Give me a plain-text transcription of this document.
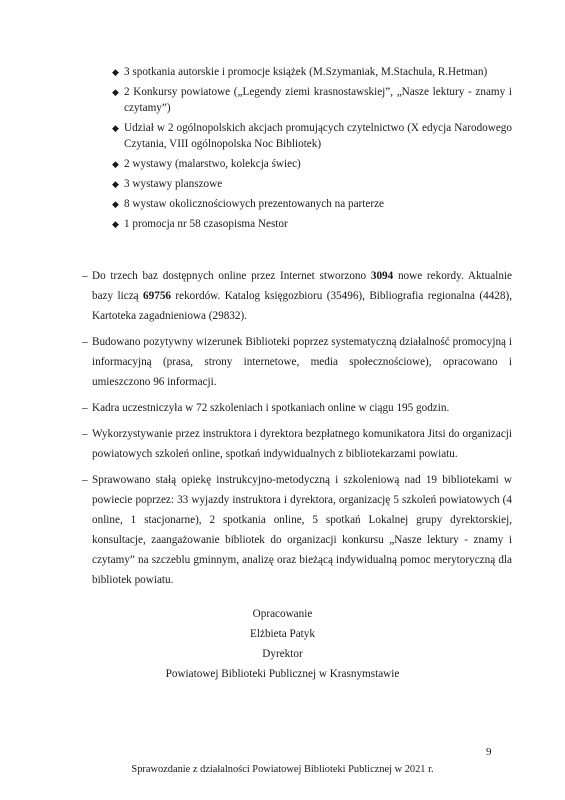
◆ 3 spotkania autorskie i promocje książek (M.Szymaniak, M.Stachula, R.Hetman)
◆ 2 Konkursy powiatowe („Legendy ziemi krasnostawskiej”, „Nasze lektury - znamy i czytamy”)
◆ Udział w 2 ogólnopolskich akcjach promujących czytelnictwo (X edycja Narodowego Czytania, VIII ogólnopolska Noc Bibliotek)
◆ 2 wystawy (malarstwo, kolekcja świec)
◆ 3 wystawy planszowe
◆ 8 wystaw okolicznościowych prezentowanych na parterze
◆ 1 promocja nr 58 czasopisma Nestor
– Do trzech baz dostępnych online przez Internet stworzono 3094 nowe rekordy. Aktualnie bazy liczą 69756 rekordów. Katalog księgozbioru (35496), Bibliografia regionalna (4428), Kartoteka zagadnieniowa (29832).
– Budowano pozytywny wizerunek Biblioteki poprzez systematyczną działalność promocyjną i informacyjną (prasa, strony internetowe, media społecznościowe), opracowano i umieszczono 96 informacji.
– Kadra uczestniczyła w 72 szkoleniach i spotkaniach online w ciągu 195 godzin.
– Wykorzystywanie przez instruktora i dyrektora bezpłatnego komunikatora Jitsi do organizacji powiatowych szkoleń online, spotkań indywidualnych z bibliotekarzami powiatu.
– Sprawowano stałą opiekę instrukcyjno-metodyczną i szkoleniową nad 19 bibliotekami w powiecie poprzez: 33 wyjazdy instruktora i dyrektora, organizację 5 szkoleń powiatowych (4 online, 1 stacjonarne), 2 spotkania online, 5 spotkań Lokalnej grupy dyrektorskiej, konsultacje, zaangażowanie bibliotek do organizacji konkursu „Nasze lektury - znamy i czytamy” na szczeblu gminnym, analizę oraz bieżącą indywidualną pomoc merytoryczną dla bibliotek powiatu.
Opracowanie
Elżbieta Patyk
Dyrektor
Powiatowej Biblioteki Publicznej w Krasnymstawie
9
Sprawozdanie z działalności Powiatowej Biblioteki Publicznej w 2021 r.
